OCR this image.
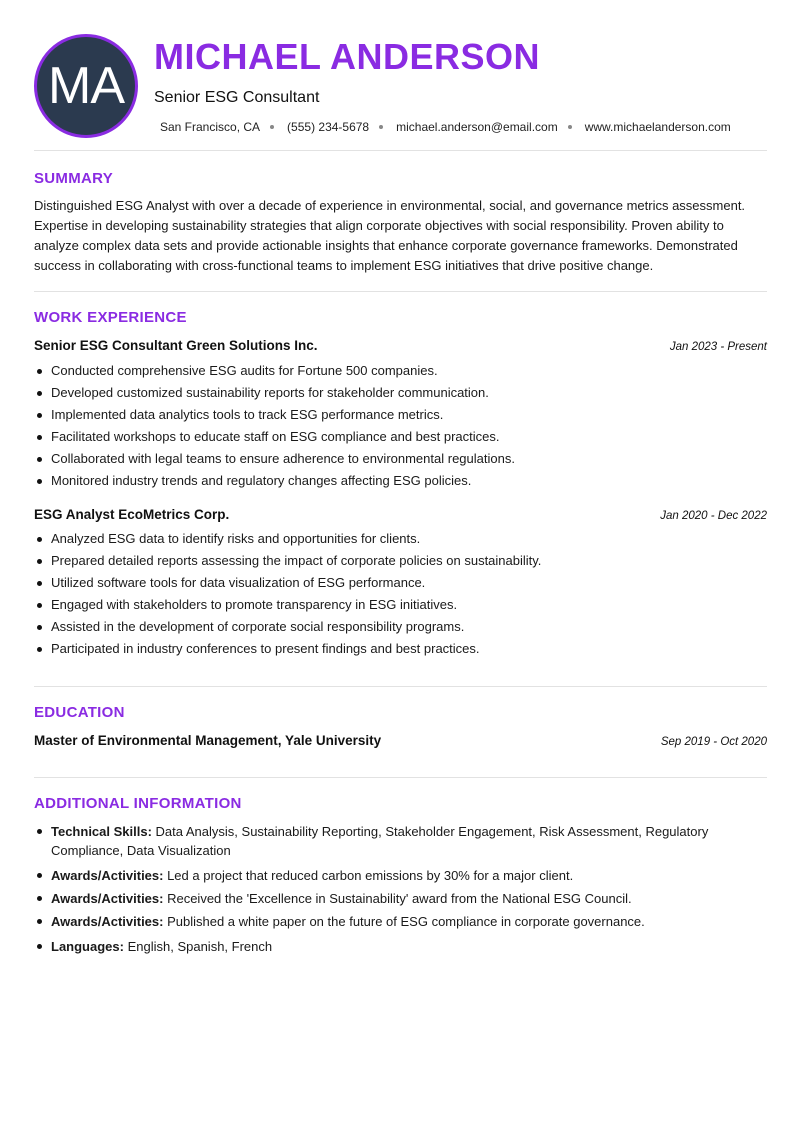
MA
MICHAEL ANDERSON
Senior ESG Consultant
San Francisco, CA (555) 234-5678 michael.anderson@email.com www.michaelanderson.com
SUMMARY
Distinguished ESG Analyst with over a decade of experience in environmental, social, and governance metrics assessment. Expertise in developing sustainability strategies that align corporate objectives with social responsibility. Proven ability to analyze complex data sets and provide actionable insights that enhance corporate governance frameworks. Demonstrated success in collaborating with cross-functional teams to implement ESG initiatives that drive positive change.
WORK EXPERIENCE
Senior ESG Consultant Green Solutions Inc.	Jan 2023 - Present
Conducted comprehensive ESG audits for Fortune 500 companies.
Developed customized sustainability reports for stakeholder communication.
Implemented data analytics tools to track ESG performance metrics.
Facilitated workshops to educate staff on ESG compliance and best practices.
Collaborated with legal teams to ensure adherence to environmental regulations.
Monitored industry trends and regulatory changes affecting ESG policies.
ESG Analyst EcoMetrics Corp.	Jan 2020 - Dec 2022
Analyzed ESG data to identify risks and opportunities for clients.
Prepared detailed reports assessing the impact of corporate policies on sustainability.
Utilized software tools for data visualization of ESG performance.
Engaged with stakeholders to promote transparency in ESG initiatives.
Assisted in the development of corporate social responsibility programs.
Participated in industry conferences to present findings and best practices.
EDUCATION
Master of Environmental Management, Yale University	Sep 2019 - Oct 2020
ADDITIONAL INFORMATION
Technical Skills: Data Analysis, Sustainability Reporting, Stakeholder Engagement, Risk Assessment, Regulatory Compliance, Data Visualization
Awards/Activities: Led a project that reduced carbon emissions by 30% for a major client.
Awards/Activities: Received the 'Excellence in Sustainability' award from the National ESG Council.
Awards/Activities: Published a white paper on the future of ESG compliance in corporate governance.
Languages: English, Spanish, French
